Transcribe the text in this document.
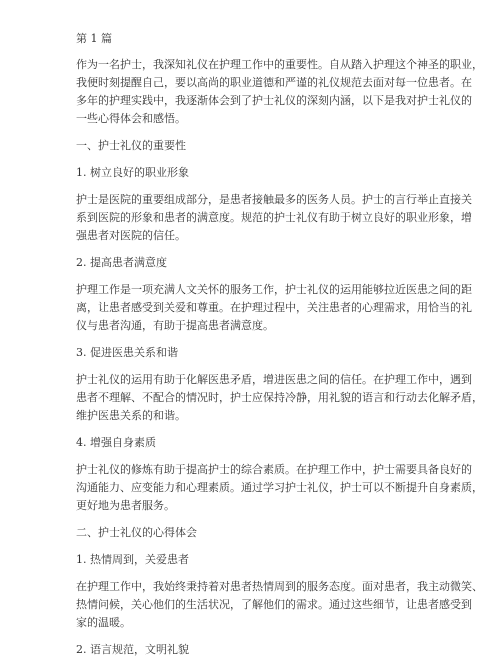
第 1 篇

作为一名护士，我深知礼仪在护理工作中的重要性。自从踏入护理这个神圣的职业，

我便时刻提醒自己，要以高尚的职业道德和严谨的礼仪规范去面对每一位患者。在

多年的护理实践中，我逐渐体会到了护士礼仪的深刻内涵，以下是我对护士礼仪的

一些心得体会和感悟。

一、护士礼仪的重要性

1. 树立良好的职业形象

护士是医院的重要组成部分，是患者接触最多的医务人员。护士的言行举止直接关

系到医院的形象和患者的满意度。规范的护士礼仪有助于树立良好的职业形象，增

强患者对医院的信任。

2. 提高患者满意度

护理工作是一项充满人文关怀的服务工作，护士礼仪的运用能够拉近医患之间的距

离，让患者感受到关爱和尊重。在护理过程中，关注患者的心理需求，用恰当的礼

仪与患者沟通，有助于提高患者满意度。

3. 促进医患关系和谐

护士礼仪的运用有助于化解医患矛盾，增进医患之间的信任。在护理工作中，遇到

患者不理解、不配合的情况时，护士应保持冷静，用礼貌的语言和行动去化解矛盾，

维护医患关系的和谐。

4. 增强自身素质

护士礼仪的修炼有助于提高护士的综合素质。在护理工作中，护士需要具备良好的

沟通能力、应变能力和心理素质。通过学习护士礼仪，护士可以不断提升自身素质，

更好地为患者服务。

二、护士礼仪的心得体会

1. 热情周到，关爱患者

在护理工作中，我始终秉持着对患者热情周到的服务态度。面对患者，我主动微笑、

热情问候，关心他们的生活状况，了解他们的需求。通过这些细节，让患者感受到

家的温暖。

2. 语言规范，文明礼貌
